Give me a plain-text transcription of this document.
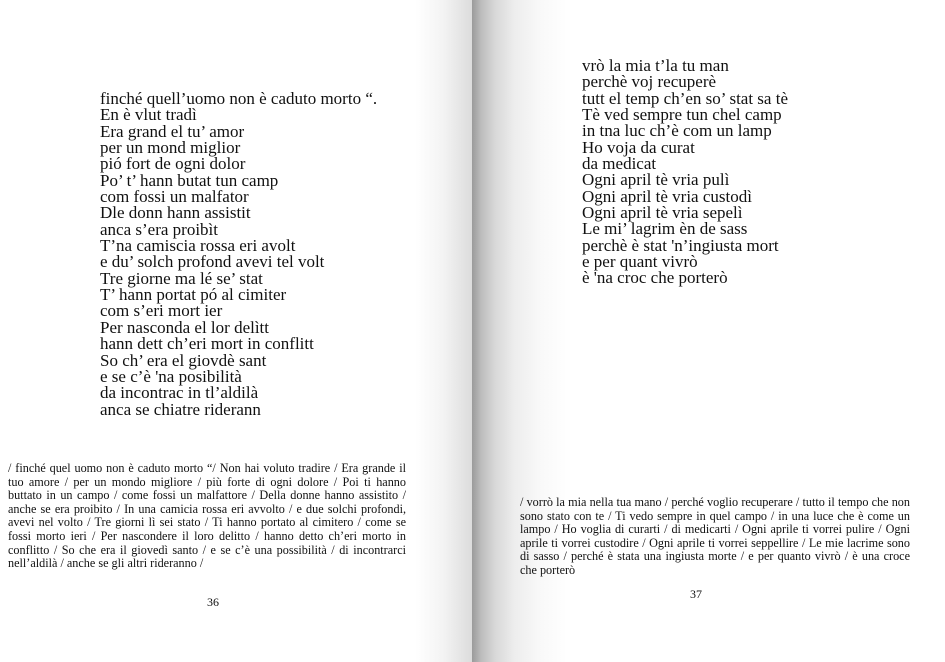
finché quell’uomo non è caduto morto “.
En è vlut tradì
Era grand el tu’ amor
per un mond miglior
pió fort de ogni dolor
Po’ t’ hann butat tun camp
com fossi un malfator
Dle donn hann assistit
anca s’era proibìt
T’na camiscia rossa eri avolt
e du’ solch profond avevi tel volt
Tre giorne ma lé se’ stat
T’ hann portat pó al cimiter
com s’eri mort ier
Per nasconda el lor delìtt
hann dett ch’eri mort in conflitt
So ch’ era el giovdè sant
e se c’è 'na posibilità
da incontrac in tl’aldilà
anca se chiatre riderann

/ finché quel uomo non è caduto morto “/ Non hai voluto tradire / Era grande il tuo amore / per un mondo migliore / più forte di ogni dolore / Poi ti hanno buttato in un campo / come fossi un malfattore / Della donne hanno assistito / anche se era proibito / In una camicia rossa eri avvolto / e due solchi profondi, avevi nel volto / Tre giorni lì sei stato / Ti hanno portato al cimitero / come se fossi morto ieri / Per nascondere il loro delitto / hanno detto ch’eri morto in conflitto / So che era il giovedì santo / e se c’è una possibilità / di incontrarci nell’aldilà / anche se gli altri rideranno /

36
vrò la mia t’la tu man
perchè voj recuperè
tutt el temp ch’en so’ stat sa tè
Tè ved sempre tun chel camp
in tna luc ch’è com un lamp
Ho voja da curat
da medicat
Ogni april tè vria pulì
Ogni april tè vria custodì
Ogni april tè vria sepelì
Le mi’ lagrim èn de sass
perchè è stat 'n’ingiusta mort
e per quant vivrò
è 'na croc che porterò

/ vorrò la mia nella tua mano / perché voglio recuperare / tutto il tempo che non sono stato con te / Ti vedo sempre in quel campo / in una luce che è come un lampo / Ho voglia di curarti / di medicarti / Ogni aprile ti vorrei pulire / Ogni aprile ti vorrei custodire / Ogni aprile ti vorrei seppellire / Le mie lacrime sono di sasso / perché è stata una ingiusta morte / e per quanto vivrò / è una croce che porterò

37
